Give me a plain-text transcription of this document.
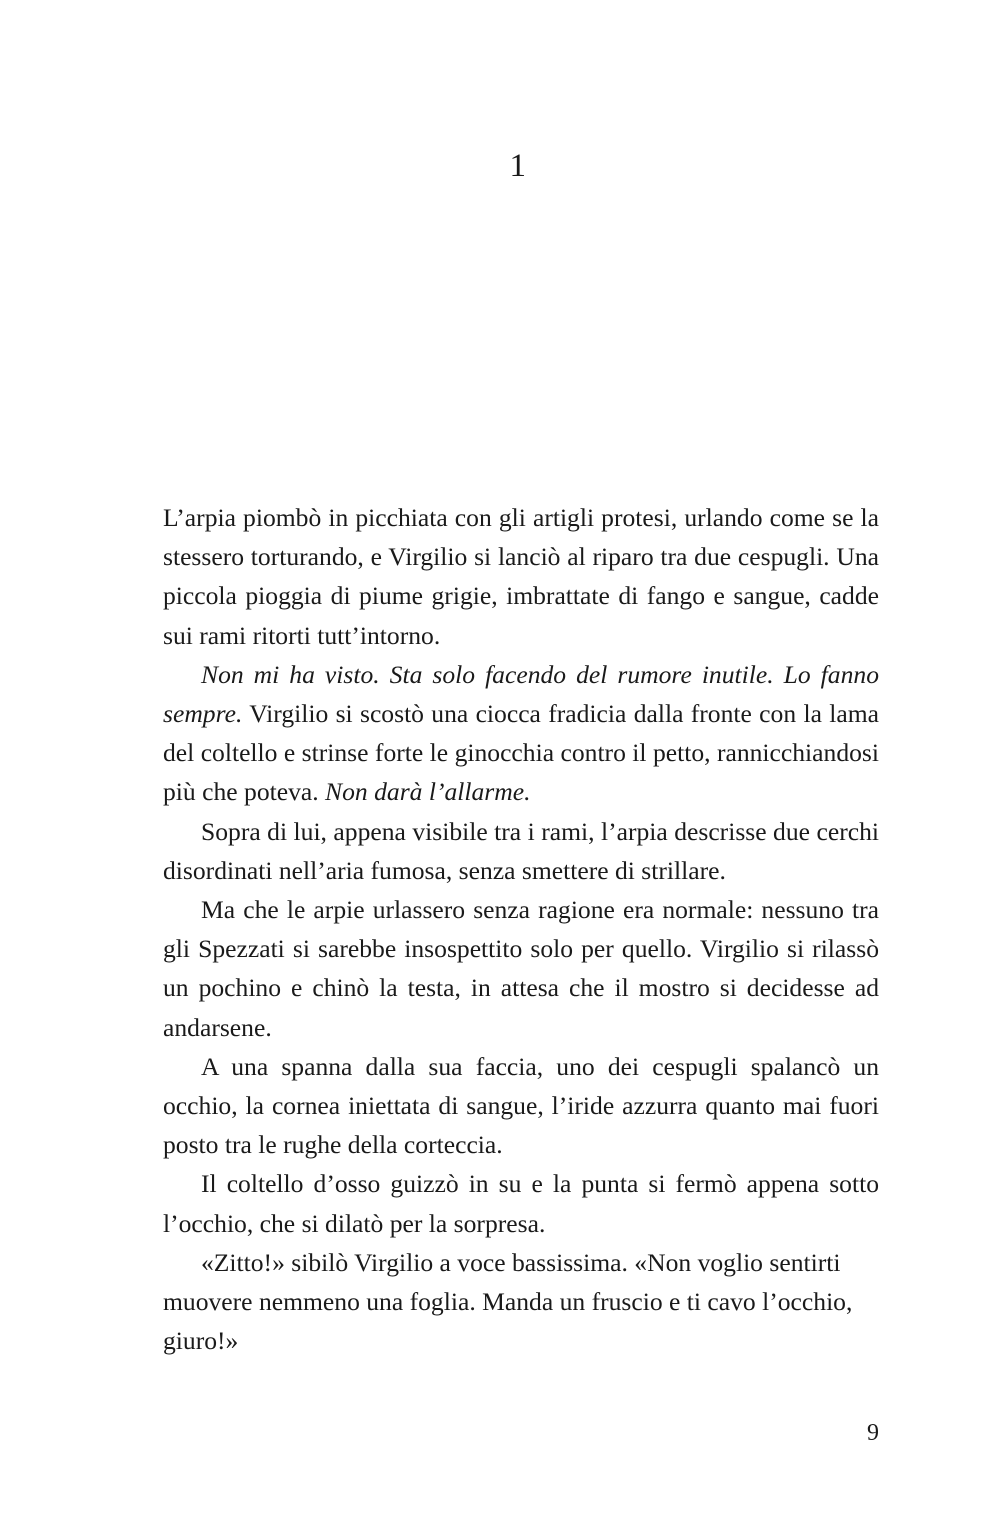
1

L’arpia piombò in picchiata con gli artigli protesi, urlando come se la stessero torturando, e Virgilio si lanciò al riparo tra due cespugli. Una piccola pioggia di piume grigie, imbrattate di fango e sangue, cadde sui rami ritorti tutt’intorno.

Non mi ha visto. Sta solo facendo del rumore inutile. Lo fanno sempre. Virgilio si scostò una ciocca fradicia dalla fronte con la lama del coltello e strinse forte le ginocchia contro il petto, rannicchiandosi più che poteva. Non darà l’allarme.

Sopra di lui, appena visibile tra i rami, l’arpia descrisse due cerchi disordinati nell’aria fumosa, senza smettere di strillare.

Ma che le arpie urlassero senza ragione era normale: nessuno tra gli Spezzati si sarebbe insospettito solo per quello. Virgilio si rilassò un pochino e chinò la testa, in attesa che il mostro si decidesse ad andarsene.

A una spanna dalla sua faccia, uno dei cespugli spalancò un occhio, la cornea iniettata di sangue, l’iride azzurra quanto mai fuori posto tra le rughe della corteccia.

Il coltello d’osso guizzò in su e la punta si fermò appena sotto l’occhio, che si dilatò per la sorpresa.

«Zitto!» sibilò Virgilio a voce bassissima. «Non voglio sentirti muovere nemmeno una foglia. Manda un fruscio e ti cavo l’occhio, giuro!»

9
